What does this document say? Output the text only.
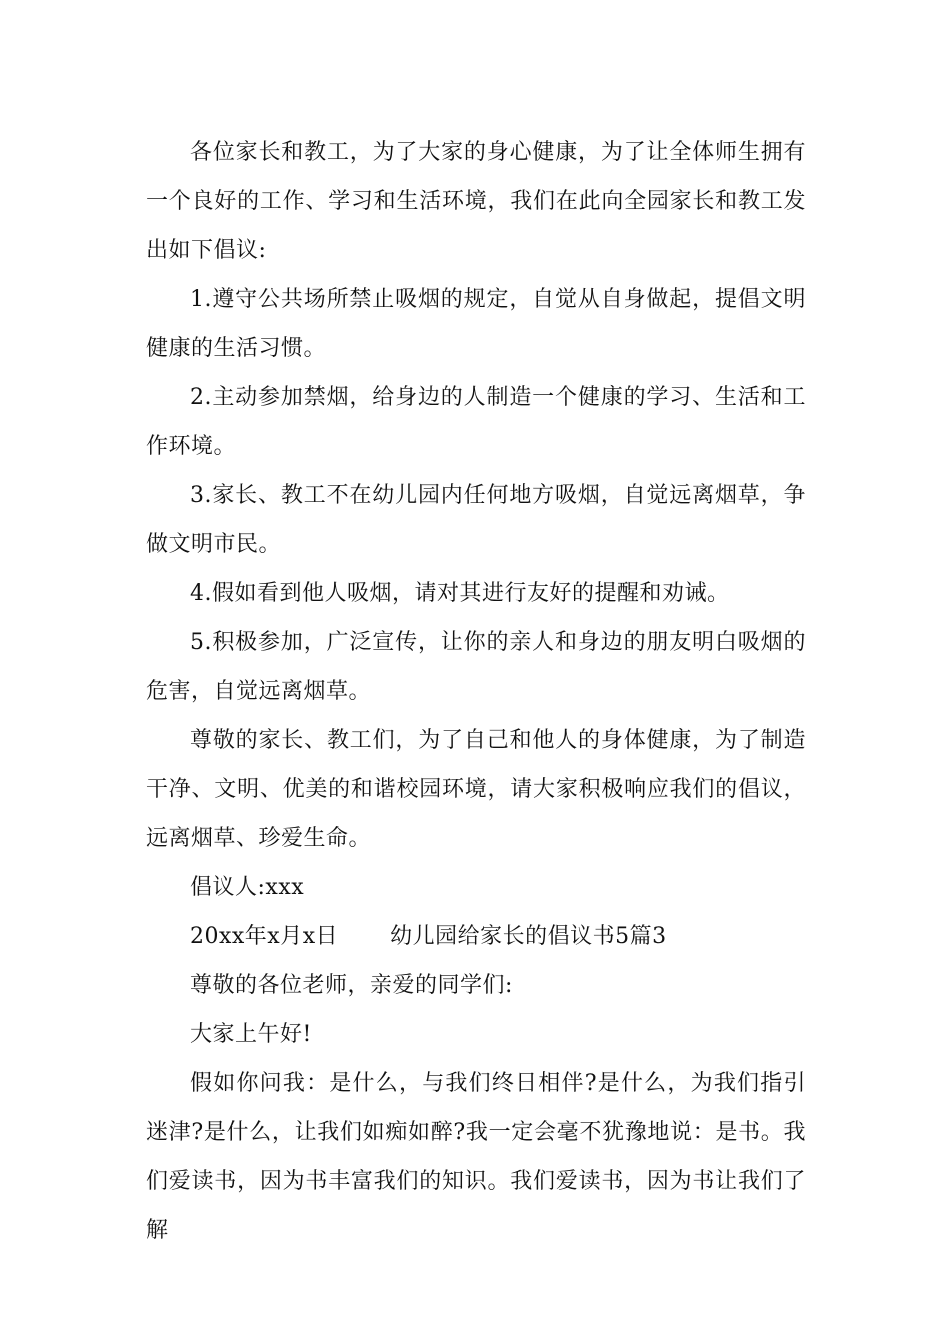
各位家长和教工，为了大家的身心健康，为了让全体师生拥有一个良好的工作、学习和生活环境，我们在此向全园家长和教工发出如下倡议:

1.遵守公共场所禁止吸烟的规定，自觉从自身做起，提倡文明健康的生活习惯。

2.主动参加禁烟，给身边的人制造一个健康的学习、生活和工作环境。

3.家长、教工不在幼儿园内任何地方吸烟，自觉远离烟草，争做文明市民。

4.假如看到他人吸烟，请对其进行友好的提醒和劝诫。

5.积极参加，广泛宣传，让你的亲人和身边的朋友明白吸烟的危害，自觉远离烟草。

尊敬的家长、教工们，为了自己和他人的身体健康，为了制造干净、文明、优美的和谐校园环境，请大家积极响应我们的倡议，远离烟草、珍爱生命。

倡议人:xxx

20xx年x月x日 幼儿园给家长的倡议书5篇3

尊敬的各位老师，亲爱的同学们:

大家上午好!

假如你问我：是什么，与我们终日相伴?是什么，为我们指引迷津?是什么，让我们如痴如醉?我一定会毫不犹豫地说：是书。我们爱读书，因为书丰富我们的知识。我们爱读书，因为书让我们了解
